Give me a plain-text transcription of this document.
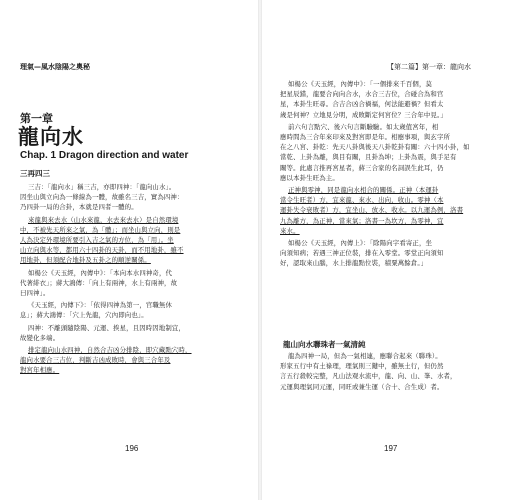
理氣—風水陰陽之奧秘
第一章
龍向水
Chap. 1 Dragon direction and water
三再四三
三吉：「龍向水」稱三吉，亦即四神：「龍向山水」。
因坐山與立向為一條線為一體，故雖名三吉，實為四神：
乃四卦一局的合卦，本就是四者一體的。
來龍與來去水（山水來龍，水去來去水）是自然環境
中，不被先天所來之氣，為「體」；而坐山與立向，則是
人為決定外環境所要引入吉之氣的方位，為「用」。坐
山立向與水等，都用六十四卦的天卦，而不用地卦，雖不
用地卦，但須配合地卦及五卦之的順逆關係。
如楊公《天玉經，內傳中》：「本向本水四神奇，代
代著緋衣」；蔣大鴻傳：「向上有兩神，水上有兩神，故
曰四神」。
《天玉經，內傳下》：「依得四神為第一，官職無休
息」；蔣大鴻傳：「穴上先龍，穴內即向也」。
四神：不離頭隨陰陽、元運、挨星，且因時因地制宜，
故變化多端。
排定龍向山水四神，自然合吉凶分排陰，即穴藏點穴時，
龍向水要合三吉位，判斷吉凶成敗時，會與三合年及
對宮年相應。
196
【第二篇】第一章：龍向水
如楊公《天玉經，內傳中》：「一個排來千百個，莫
把星辰錯，龍要合向向合水，水合三吉位，合碰合為和官
星，本卦生旺尋。合吉合凶合禍福，何法能避禍？但看太
歲是何神？立地見分明，成敗斷定何宮位？三合年中見。」
前六句言點穴、後六句言斷驗驗。如太歲值宮年，相
應時間為三合年來印來及對宮即是年。相應事項，與玄字所
在之八宮、卦乾：先天八卦與後天八卦乾卦有關：六十四小卦，如
當乾、上卦為離，與目有關，且卦為坤；上卦為震，與手足有
關等。此處言推再宮星者，蔣三合家的名詞誤生此耳，仍
應以本卦生旺為主。
正神與零神，同是龍向水相合的關係。正神（本運卦
當令生旺者）方，宜來龍、來水、出向，收山。零神（本
運卦失令衰敗者）方，宜坐山、放水、收水。以九運為例，洛書
九為離方，為正神，當來氣；洛書一為坎方，為零神，宜
來水。
如楊公《天玉經，內傳上》：「除陽向字看寄正，坐
向須知病；若遇三神正位裝，排在入零堂。零堂正向須知
好，認取來山腦，水上排龍點位裝，積粟萬餘倉。」
龍山向水聯珠者一氣清純
龍為四神一局，但為一氣相連，應聯合起來（聯珠）。
形家五行中有土祿理，理氣則三鍵中，雖無土行，但仍然
言五行殺較完整，凡山法观水流中，龍、向、山、峯、水者，
元運與理氣同元運，同旺或兼生運（合十、合生成）者。
197
